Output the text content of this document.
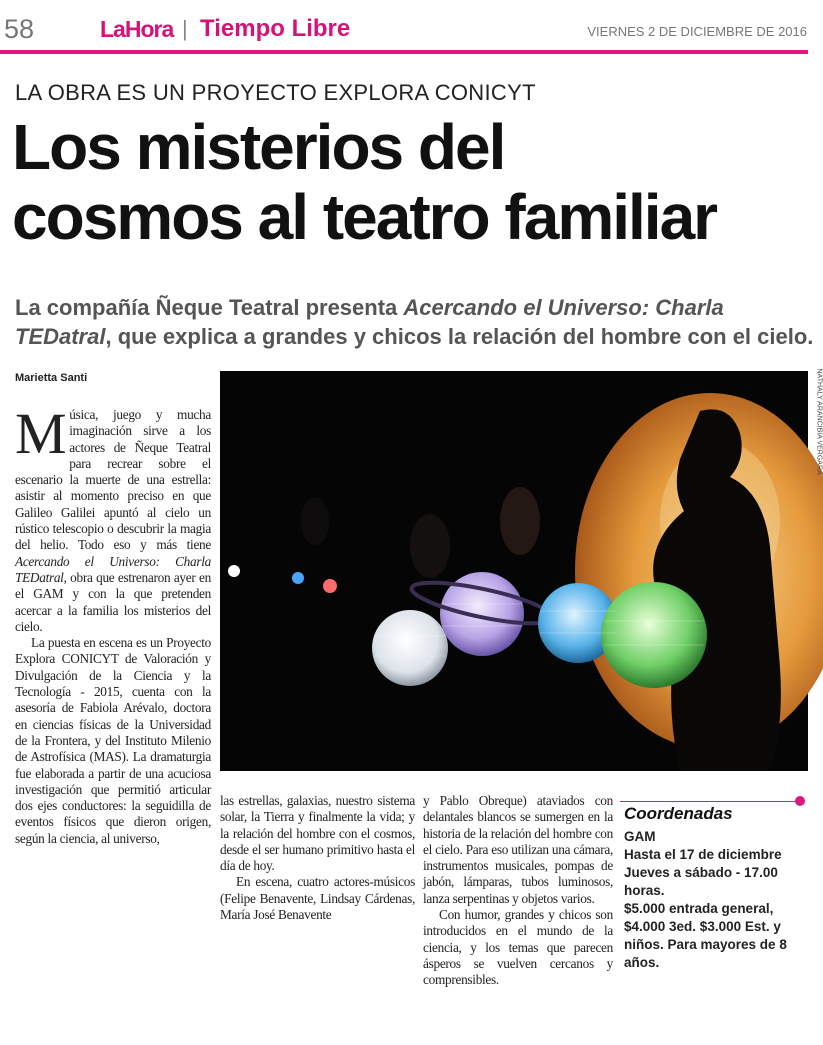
58	LaHora | Tiempo Libre	VIERNES 2 DE DICIEMBRE DE 2016
LA OBRA ES UN PROYECTO EXPLORA CONICYT
Los misterios del
cosmos al teatro familiar

La compañía Ñeque Teatral presenta Acercando el Universo: Charla TEDatral, que explica a grandes y chicos la relación del hombre con el cielo.

Marietta Santi	NATHALY ARANCIBIA VERGARA

Música, juego y mucha imaginación sirve a los actores de Ñeque Teatral para recrear sobre el escenario la muerte de una estrella: asistir al momento preciso en que Galileo Galilei apuntó al cielo un rústico telescopio o descubrir la magia del helio. Todo eso y más tiene Acercando el Universo: Charla TEDatral, obra que estrenaron ayer en el GAM y con la que pretenden acercar a la familia los misterios del cielo.

La puesta en escena es un Proyecto Explora CONICYT de Valoración y Divulgación de la Ciencia y la Tecnología - 2015, cuenta con la asesoría de Fabiola Arévalo, doctora en ciencias físicas de la Universidad de la Frontera, y del Instituto Milenio de Astrofísica (MAS). La dramaturgia fue elaborada a partir de una acuciosa investigación que permitió articular dos ejes conductores: la seguidilla de eventos físicos que dieron origen, según la ciencia, al universo,

las estrellas, galaxias, nuestro sistema solar, la Tierra y finalmente la vida; y la relación del hombre con el cosmos, desde el ser humano primitivo hasta el día de hoy.

En escena, cuatro actores-músicos (Felipe Benavente, Lindsay Cárdenas, María José Benavente

y Pablo Obreque) ataviados con delantales blancos se sumergen en la historia de la relación del hombre con el cielo. Para eso utilizan una cámara, instrumentos musicales, pompas de jabón, lámparas, tubos luminosos, lanza serpentinas y objetos varios.

Con humor, grandes y chicos son introducidos en el mundo de la ciencia, y los temas que parecen ásperos se vuelven cercanos y comprensibles.

Coordenadas
GAM
Hasta el 17 de diciembre
Jueves a sábado - 17.00 horas.
$5.000 entrada general, $4.000 3ed. $3.000 Est. y niños. Para mayores de 8 años.
